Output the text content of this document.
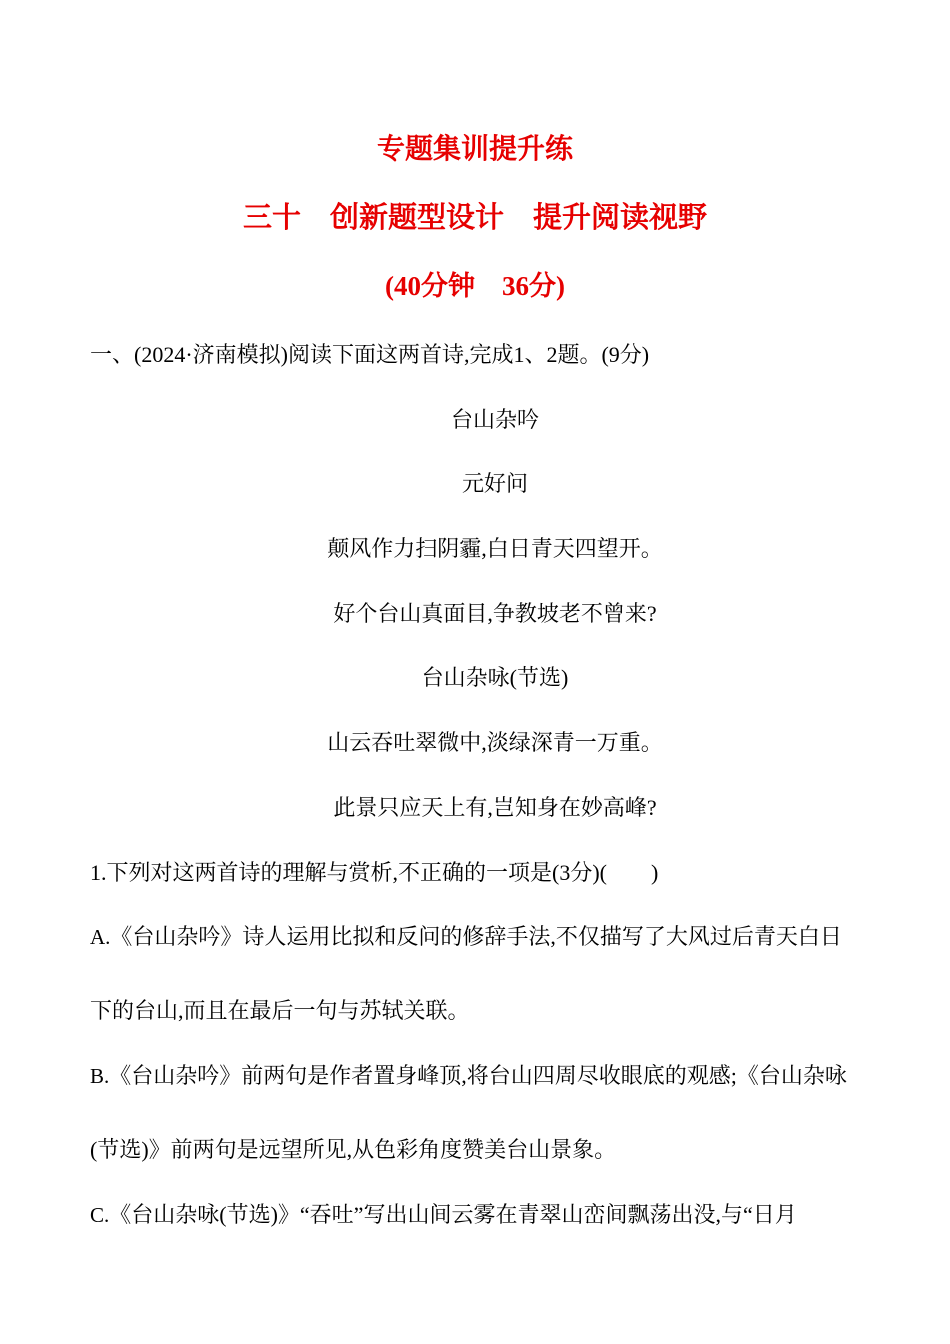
专题集训提升练
三十　创新题型设计　提升阅读视野
(40分钟　36分)
一、(2024·济南模拟)阅读下面这两首诗,完成1、2题。(9分)
台山杂吟
元好问
颠风作力扫阴霾,白日青天四望开。
好个台山真面目,争教坡老不曾来?
台山杂咏(节选)
山云吞吐翠微中,淡绿深青一万重。
此景只应天上有,岂知身在妙高峰?
1.下列对这两首诗的理解与赏析,不正确的一项是(3分)(　　)
A.《台山杂吟》诗人运用比拟和反问的修辞手法,不仅描写了大风过后青天白日
下的台山,而且在最后一句与苏轼关联。
B.《台山杂吟》前两句是作者置身峰顶,将台山四周尽收眼底的观感;《台山杂咏
(节选)》前两句是远望所见,从色彩角度赞美台山景象。
C.《台山杂咏(节选)》“吞吐”写出山间云雾在青翠山峦间飘荡出没,与“日月
